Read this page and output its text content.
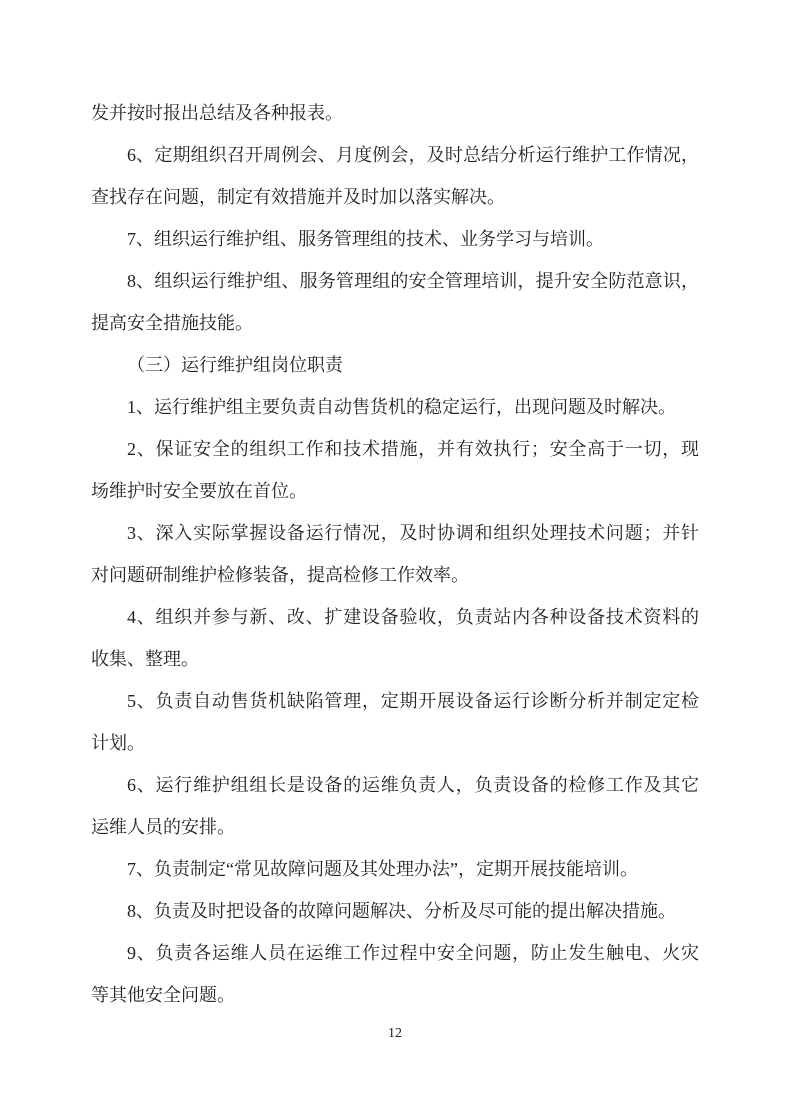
发并按时报出总结及各种报表。
6、定期组织召开周例会、月度例会，及时总结分析运行维护工作情况，
查找存在问题，制定有效措施并及时加以落实解决。
7、组织运行维护组、服务管理组的技术、业务学习与培训。
8、组织运行维护组、服务管理组的安全管理培训，提升安全防范意识，
提高安全措施技能。
（三）运行维护组岗位职责
1、运行维护组主要负责自动售货机的稳定运行，出现问题及时解决。
2、保证安全的组织工作和技术措施，并有效执行；安全高于一切，现
场维护时安全要放在首位。
3、深入实际掌握设备运行情况，及时协调和组织处理技术问题；并针
对问题研制维护检修装备，提高检修工作效率。
4、组织并参与新、改、扩建设备验收，负责站内各种设备技术资料的
收集、整理。
5、负责自动售货机缺陷管理，定期开展设备运行诊断分析并制定定检
计划。
6、运行维护组组长是设备的运维负责人，负责设备的检修工作及其它
运维人员的安排。
7、负责制定“常见故障问题及其处理办法”，定期开展技能培训。
8、负责及时把设备的故障问题解决、分析及尽可能的提出解决措施。
9、负责各运维人员在运维工作过程中安全问题，防止发生触电、火灾
等其他安全问题。
12
